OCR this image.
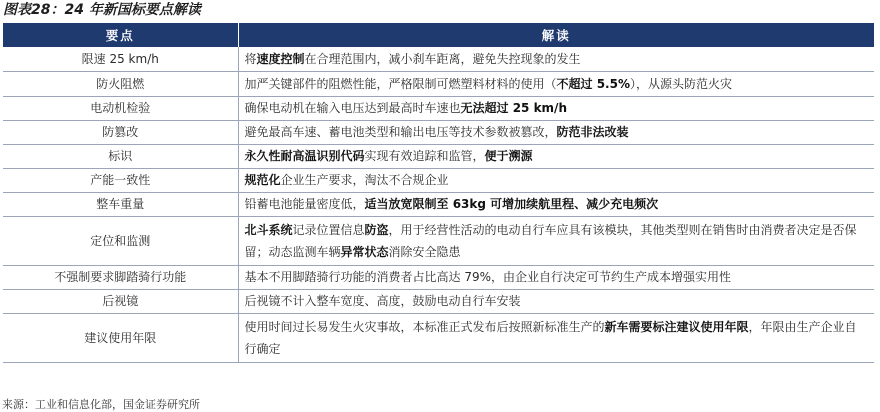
图表28：24 年新国标要点解读
要点	解读
限速 25 km/h	将速度控制在合理范围内，减小刹车距离，避免失控现象的发生
防火阻燃	加严关键部件的阻燃性能，严格限制可燃塑料材料的使用（不超过 5.5%），从源头防范火灾
电动机检验	确保电动机在输入电压达到最高时车速也无法超过 25 km/h
防篡改	避免最高车速、蓄电池类型和输出电压等技术参数被篡改，防范非法改装
标识	永久性耐高温识别代码实现有效追踪和监管，便于溯源
产能一致性	规范化企业生产要求，淘汰不合规企业
整车重量	铅蓄电池能量密度低，适当放宽限制至 63kg 可增加续航里程、减少充电频次
定位和监测	北斗系统记录位置信息防盗，用于经营性活动的电动自行车应具有该模块，其他类型则在销售时由消费者决定是否保留；动态监测车辆异常状态消除安全隐患
不强制要求脚踏骑行功能	基本不用脚踏骑行功能的消费者占比高达 79%，由企业自行决定可节约生产成本增强实用性
后视镜	后视镜不计入整车宽度、高度，鼓励电动自行车安装
建议使用年限	使用时间过长易发生火灾事故，本标准正式发布后按照新标准生产的新车需要标注建议使用年限，年限由生产企业自行确定
来源：工业和信息化部，国金证券研究所
